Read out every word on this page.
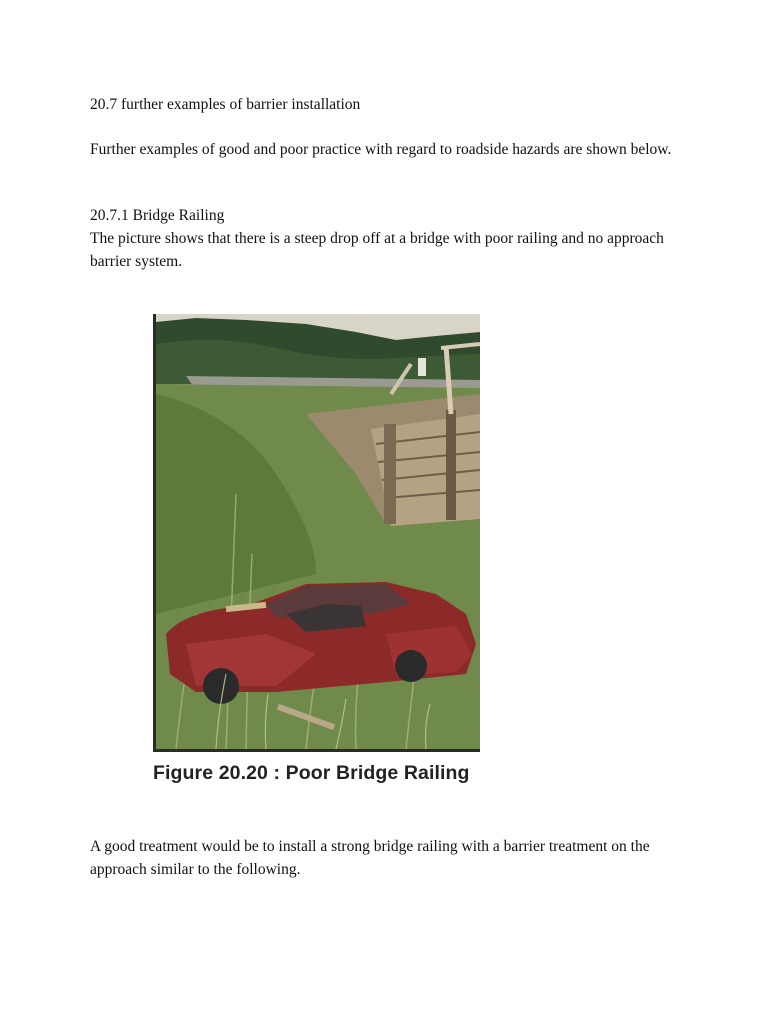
20.7 further examples of barrier installation

Further examples of good and poor practice with regard to roadside hazards are shown below.

20.7.1 Bridge Railing

The picture shows that there is a steep drop off at a bridge with poor railing and no approach barrier system.

Figure 20.20 : Poor Bridge Railing

A good treatment would be to install a strong bridge railing with a barrier treatment on the approach similar to the following.
